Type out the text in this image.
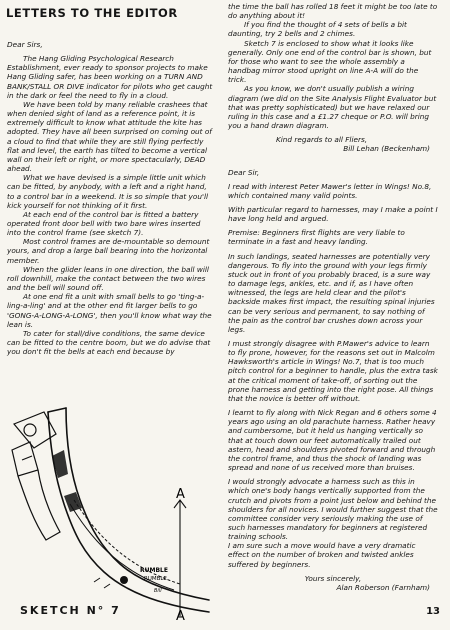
LETTERS TO THE EDITOR

Dear Sirs,

The Hang Gliding Psychological Research Establishment, ever ready to sponsor projects to make Hang Gliding safer, has been working on a TURN AND BANK/STALL OR DIVE indicator for pilots who get caught in the dark or feel the need to fly in a cloud.

We have been told by many reliable crashees that when denied sight of land as a reference point, it is extremely difficult to know what attitude the kite has adopted. They have all been surprised on coming out of a cloud to find that while they are still flying perfectly flat and level, the earth has tilted to become a vertical wall on their left or right, or more spectacularly, DEAD ahead.

What we have devised is a simple little unit which can be fitted, by anybody, with a left and a right hand, to a control bar in a weekend. It is so simple that you'll kick yourself for not thinking of it first.

At each end of the control bar is fitted a battery operated front door bell with two bare wires inserted into the control frame (see sketch 7).

Most control frames are de-mountable so demount yours, and drop a large ball bearing into the horizontal member.

When the glider leans in one direction, the ball will roll downhill, make the contact between the two wires and the bell will sound off.

At one end fit a unit with small bells to go 'ting-a-ling-a-ling' and at the other end fit larger bells to go 'GONG-A-LONG-A-LONG', then you'll know what way the lean is.

To cater for stall/dive conditions, the same device can be fitted to the centre boom, but we do advise that you don't fit the bells at each end because by

the time the ball has rolled 18 feet it might be too late to do anything about it!

If you find the thought of 4 sets of bells a bit daunting, try 2 bells and 2 chimes.

Sketch 7 is enclosed to show what it looks like generally. Only one end of the control bar is shown, but for those who want to see the whole assembly a handbag mirror stood upright on line A-A will do the trick.

As you know, we don't usually publish a wiring diagram (we did on the Site Analysis Flight Evaluator but that was pretty sophisticated) but we have relaxed our ruling in this case and a £1.27 cheque or P.O. will bring you a hand drawn diagram.

Kind regards to all Fliers,

Bill Lehan (Beckenham)

Dear Sir,

I read with interest Peter Mawer's letter in Wings! No.8, which contained many valid points.

With particular regard to harnesses, may I make a point I have long held and argued.

Premise: Beginners first flights are very liable to terminate in a fast and heavy landing.

In such landings, seated harnesses are potentially very dangerous. To fly into the ground with your legs firmly stuck out in front of you probably braced, is a sure way to damage legs, ankles, etc. and if, as I have often witnessed, the legs are held clear and the pilot's backside makes first impact, the resulting spinal injuries can be very serious and permanent, to say nothing of the pain as the control bar crushes down across your legs.

I must strongly disagree with P.Mawer's advice to learn to fly prone, however, for the reasons set out in Malcolm Hawksworth's article in Wings! No.7, that is too much pitch control for a beginner to handle, plus the extra task at the critical moment of take-off, of sorting out the prone harness and getting into the right pose. All things that the novice is better off without.

I learnt to fly along with Nick Regan and 6 others some 4 years ago using an old parachute harness. Rather heavy and cumbersome, but it held us hanging vertically so that at touch down our feet automatically trailed out astern, head and shoulders pivoted forward and through the control frame, and thus the shock of landing was spread and none of us received more than bruises.

I would strongly advocate a harness such as this in which one's body hangs vertically supported from the crutch and pivots from a point just below and behind the shoulders for all novices. I would further suggest that the committee consider very seriously making the use of such harnesses mandatory for beginners at registered training schools.

I am sure such a move would have a very dramatic effect on the number of broken and twisted ankles suffered by beginners.

Yours sincerely,

Alan Roberson (Farnham)

A
A
RUMBLE
RUMBLE
Bill

SKETCH N° 7	13
